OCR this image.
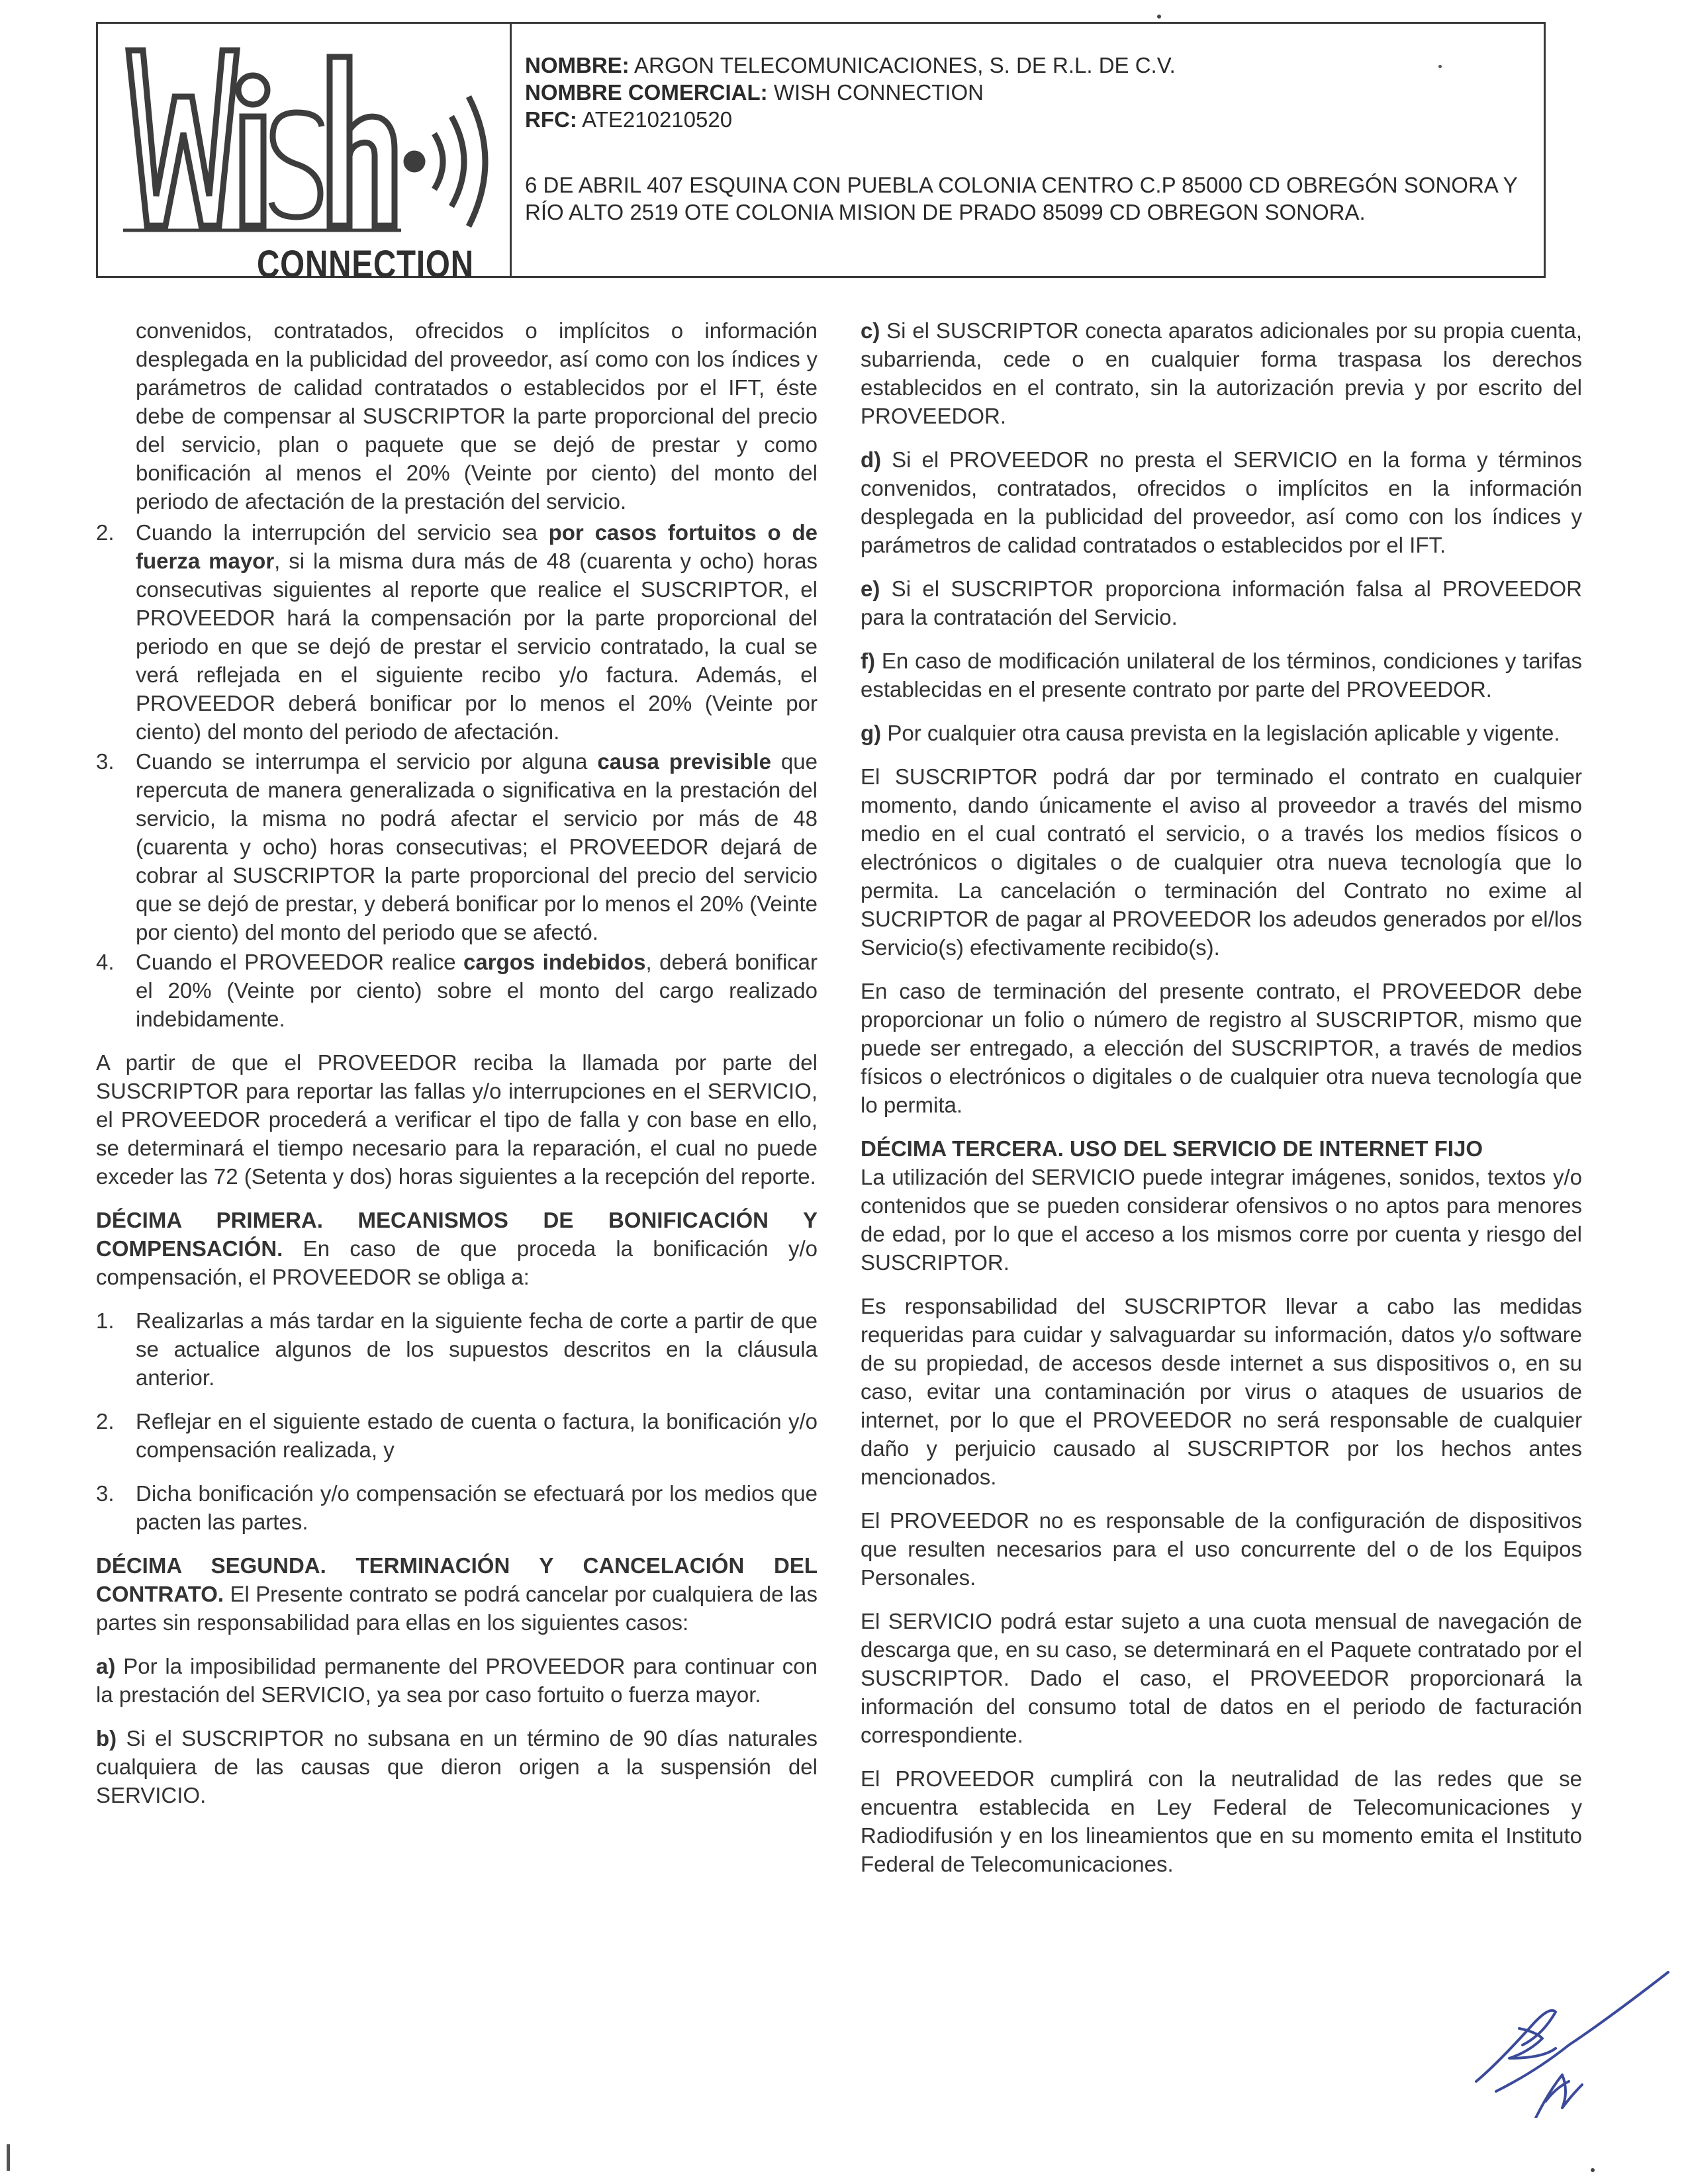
CONNECTION
NOMBRE: ARGON TELECOMUNICACIONES, S. DE R.L. DE C.V.
NOMBRE COMERCIAL: WISH CONNECTION
RFC: ATE210210520
6 DE ABRIL 407 ESQUINA CON PUEBLA COLONIA CENTRO C.P 85000 CD OBREGÓN SONORA Y RÍO ALTO 2519 OTE COLONIA MISION DE PRADO 85099 CD OBREGON SONORA.

convenidos, contratados, ofrecidos o implícitos o información desplegada en la publicidad del proveedor, así como con los índices y parámetros de calidad contratados o establecidos por el IFT, éste debe de compensar al SUSCRIPTOR la parte proporcional del precio del servicio, plan o paquete que se dejó de prestar y como bonificación al menos el 20% (Veinte por ciento) del monto del periodo de afectación de la prestación del servicio.

2. Cuando la interrupción del servicio sea por casos fortuitos o de fuerza mayor, si la misma dura más de 48 (cuarenta y ocho) horas consecutivas siguientes al reporte que realice el SUSCRIPTOR, el PROVEEDOR hará la compensación por la parte proporcional del periodo en que se dejó de prestar el servicio contratado, la cual se verá reflejada en el siguiente recibo y/o factura. Además, el PROVEEDOR deberá bonificar por lo menos el 20% (Veinte por ciento) del monto del periodo de afectación.
3. Cuando se interrumpa el servicio por alguna causa previsible que repercuta de manera generalizada o significativa en la prestación del servicio, la misma no podrá afectar el servicio por más de 48 (cuarenta y ocho) horas consecutivas; el PROVEEDOR dejará de cobrar al SUSCRIPTOR la parte proporcional del precio del servicio que se dejó de prestar, y deberá bonificar por lo menos el 20% (Veinte por ciento) del monto del periodo que se afectó.
4. Cuando el PROVEEDOR realice cargos indebidos, deberá bonificar el 20% (Veinte por ciento) sobre el monto del cargo realizado indebidamente.

A partir de que el PROVEEDOR reciba la llamada por parte del SUSCRIPTOR para reportar las fallas y/o interrupciones en el SERVICIO, el PROVEEDOR procederá a verificar el tipo de falla y con base en ello, se determinará el tiempo necesario para la reparación, el cual no puede exceder las 72 (Setenta y dos) horas siguientes a la recepción del reporte.

DÉCIMA PRIMERA. MECANISMOS DE BONIFICACIÓN Y COMPENSACIÓN. En caso de que proceda la bonificación y/o compensación, el PROVEEDOR se obliga a:

1. Realizarlas a más tardar en la siguiente fecha de corte a partir de que se actualice algunos de los supuestos descritos en la cláusula anterior.
2. Reflejar en el siguiente estado de cuenta o factura, la bonificación y/o compensación realizada, y
3. Dicha bonificación y/o compensación se efectuará por los medios que pacten las partes.

DÉCIMA SEGUNDA. TERMINACIÓN Y CANCELACIÓN DEL CONTRATO. El Presente contrato se podrá cancelar por cualquiera de las partes sin responsabilidad para ellas en los siguientes casos:

a) Por la imposibilidad permanente del PROVEEDOR para continuar con la prestación del SERVICIO, ya sea por caso fortuito o fuerza mayor.

b) Si el SUSCRIPTOR no subsana en un término de 90 días naturales cualquiera de las causas que dieron origen a la suspensión del SERVICIO.

c) Si el SUSCRIPTOR conecta aparatos adicionales por su propia cuenta, subarrienda, cede o en cualquier forma traspasa los derechos establecidos en el contrato, sin la autorización previa y por escrito del PROVEEDOR.

d) Si el PROVEEDOR no presta el SERVICIO en la forma y términos convenidos, contratados, ofrecidos o implícitos en la información desplegada en la publicidad del proveedor, así como con los índices y parámetros de calidad contratados o establecidos por el IFT.

e) Si el SUSCRIPTOR proporciona información falsa al PROVEEDOR para la contratación del Servicio.

f) En caso de modificación unilateral de los términos, condiciones y tarifas establecidas en el presente contrato por parte del PROVEEDOR.

g) Por cualquier otra causa prevista en la legislación aplicable y vigente.

El SUSCRIPTOR podrá dar por terminado el contrato en cualquier momento, dando únicamente el aviso al proveedor a través del mismo medio en el cual contrató el servicio, o a través los medios físicos o electrónicos o digitales o de cualquier otra nueva tecnología que lo permita. La cancelación o terminación del Contrato no exime al SUCRIPTOR de pagar al PROVEEDOR los adeudos generados por el/los Servicio(s) efectivamente recibido(s).

En caso de terminación del presente contrato, el PROVEEDOR debe proporcionar un folio o número de registro al SUSCRIPTOR, mismo que puede ser entregado, a elección del SUSCRIPTOR, a través de medios físicos o electrónicos o digitales o de cualquier otra nueva tecnología que lo permita.

DÉCIMA TERCERA. USO DEL SERVICIO DE INTERNET FIJO
La utilización del SERVICIO puede integrar imágenes, sonidos, textos y/o contenidos que se pueden considerar ofensivos o no aptos para menores de edad, por lo que el acceso a los mismos corre por cuenta y riesgo del SUSCRIPTOR.

Es responsabilidad del SUSCRIPTOR llevar a cabo las medidas requeridas para cuidar y salvaguardar su información, datos y/o software de su propiedad, de accesos desde internet a sus dispositivos o, en su caso, evitar una contaminación por virus o ataques de usuarios de internet, por lo que el PROVEEDOR no será responsable de cualquier daño y perjuicio causado al SUSCRIPTOR por los hechos antes mencionados.

El PROVEEDOR no es responsable de la configuración de dispositivos que resulten necesarios para el uso concurrente del o de los Equipos Personales.

El SERVICIO podrá estar sujeto a una cuota mensual de navegación de descarga que, en su caso, se determinará en el Paquete contratado por el SUSCRIPTOR. Dado el caso, el PROVEEDOR proporcionará la información del consumo total de datos en el periodo de facturación correspondiente.

El PROVEEDOR cumplirá con la neutralidad de las redes que se encuentra establecida en Ley Federal de Telecomunicaciones y Radiodifusión y en los lineamientos que en su momento emita el Instituto Federal de Telecomunicaciones.
